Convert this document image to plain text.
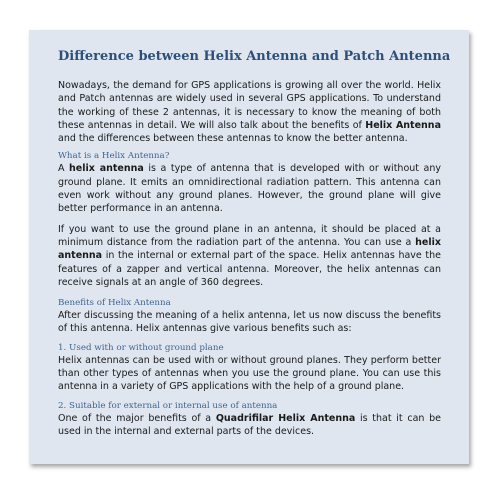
Difference between Helix Antenna and Patch Antenna

Nowadays, the demand for GPS applications is growing all over the world. Helix and Patch antennas are widely used in several GPS applications. To understand the working of these 2 antennas, it is necessary to know the meaning of both these antennas in detail. We will also talk about the benefits of Helix Antenna and the differences between these antennas to know the better antenna.

What is a Helix Antenna?

A helix antenna is a type of antenna that is developed with or without any ground plane. It emits an omnidirectional radiation pattern. This antenna can even work without any ground planes. However, the ground plane will give better performance in an antenna.

If you want to use the ground plane in an antenna, it should be placed at a minimum distance from the radiation part of the antenna. You can use a helix antenna in the internal or external part of the space. Helix antennas have the features of a zapper and vertical antenna. Moreover, the helix antennas can receive signals at an angle of 360 degrees.

Benefits of Helix Antenna

After discussing the meaning of a helix antenna, let us now discuss the benefits of this antenna. Helix antennas give various benefits such as:

1. Used with or without ground plane

Helix antennas can be used with or without ground planes. They perform better than other types of antennas when you use the ground plane. You can use this antenna in a variety of GPS applications with the help of a ground plane.

2. Suitable for external or internal use of antenna

One of the major benefits of a Quadrifilar Helix Antenna is that it can be used in the internal and external parts of the devices.
